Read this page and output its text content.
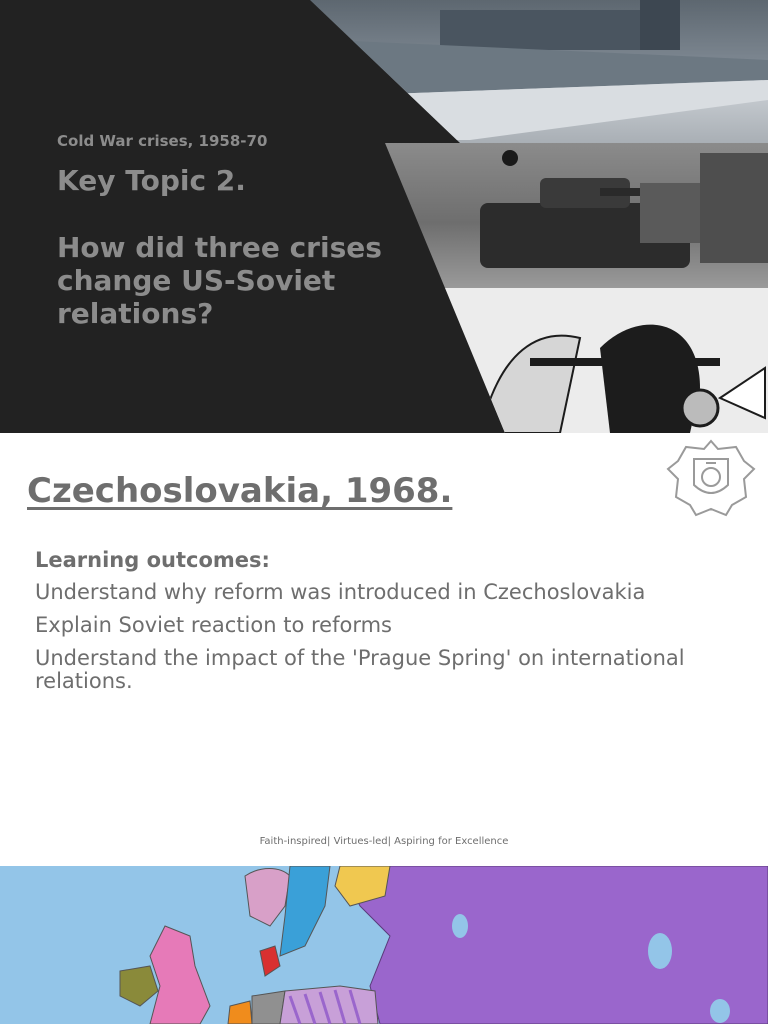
Cold War crises, 1958-70

Key Topic 2.
How did three crises change US-Soviet relations?
Czechoslovakia, 1968.

Learning outcomes:

Understand why reform was introduced in Czechoslovakia
Explain Soviet reaction to reforms
Understand the impact of the 'Prague Spring' on international relations.

Faith-inspired| Virtues-led| Aspiring for Excellence
